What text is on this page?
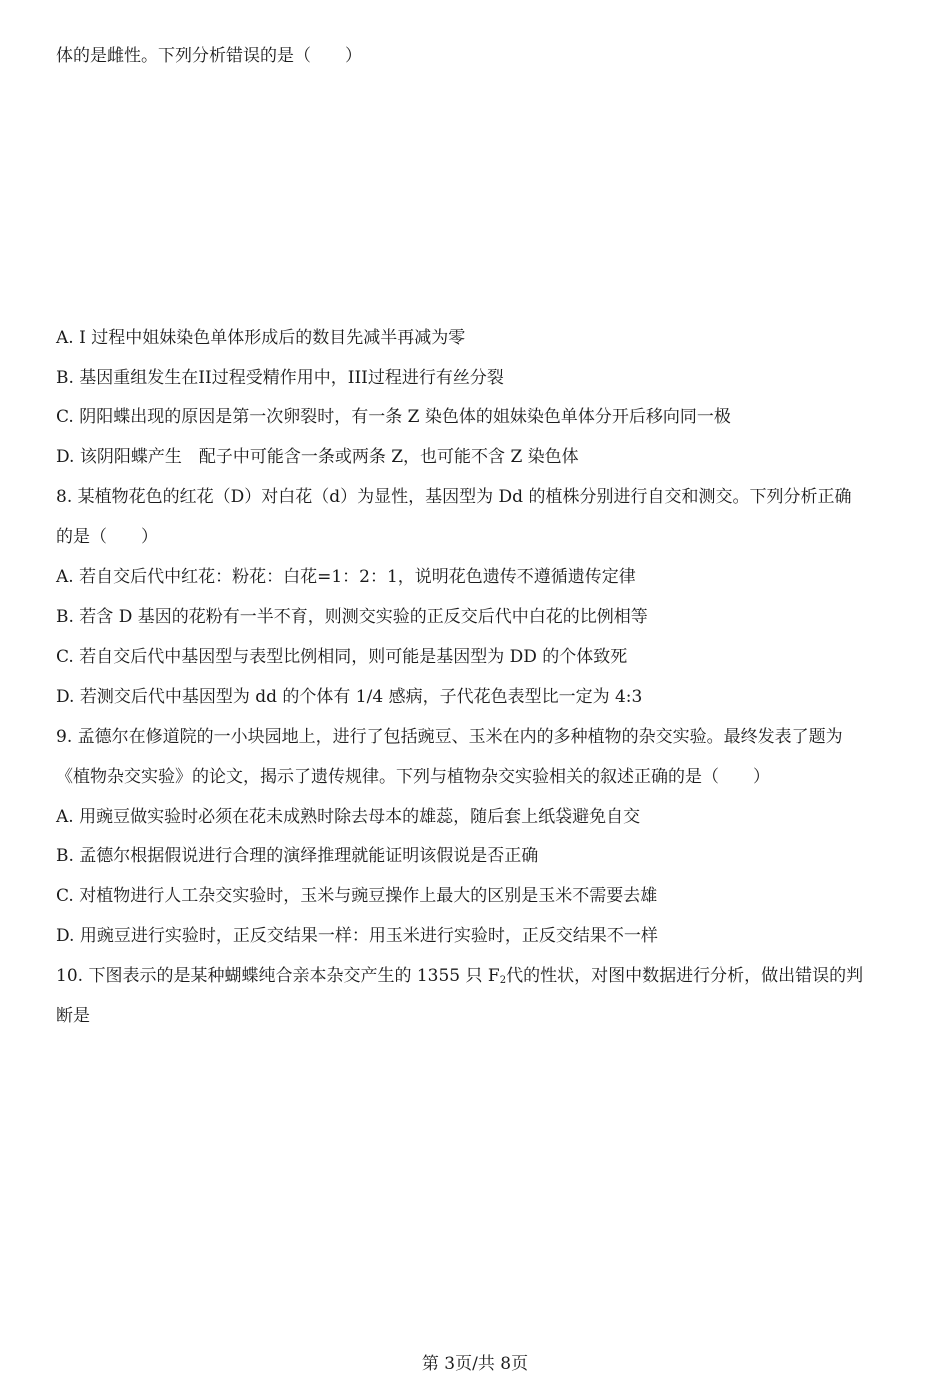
体的是雌性。下列分析错误的是（　　）
A. I 过程中姐妹染色单体形成后的数目先减半再减为零
B. 基因重组发生在II过程受精作用中，III过程进行有丝分裂
C. 阴阳蝶出现的原因是第一次卵裂时，有一条 Z 染色体的姐妹染色单体分开后移向同一极
D. 该阴阳蝶产生　配子中可能含一条或两条 Z，也可能不含 Z 染色体
8. 某植物花色的红花（D）对白花（d）为显性，基因型为 Dd 的植株分别进行自交和测交。下列分析正确
的是（　　）
A. 若自交后代中红花：粉花：白花=1：2：1，说明花色遗传不遵循遗传定律
B. 若含 D 基因的花粉有一半不育，则测交实验的正反交后代中白花的比例相等
C. 若自交后代中基因型与表型比例相同，则可能是基因型为 DD 的个体致死
D. 若测交后代中基因型为 dd 的个体有 1/4 感病，子代花色表型比一定为 4:3
9. 孟德尔在修道院的一小块园地上，进行了包括豌豆、玉米在内的多种植物的杂交实验。最终发表了题为
《植物杂交实验》的论文，揭示了遗传规律。下列与植物杂交实验相关的叙述正确的是（　　）
A. 用豌豆做实验时必须在花未成熟时除去母本的雄蕊，随后套上纸袋避免自交
B. 孟德尔根据假说进行合理的演绎推理就能证明该假说是否正确
C. 对植物进行人工杂交实验时，玉米与豌豆操作上最大的区别是玉米不需要去雄
D. 用豌豆进行实验时，正反交结果一样：用玉米进行实验时，正反交结果不一样
10. 下图表示的是某种蝴蝶纯合亲本杂交产生的 1355 只 $F_2$代的性状，对图中数据进行分析，做出错误的判
断是
第 3页/共 8页
